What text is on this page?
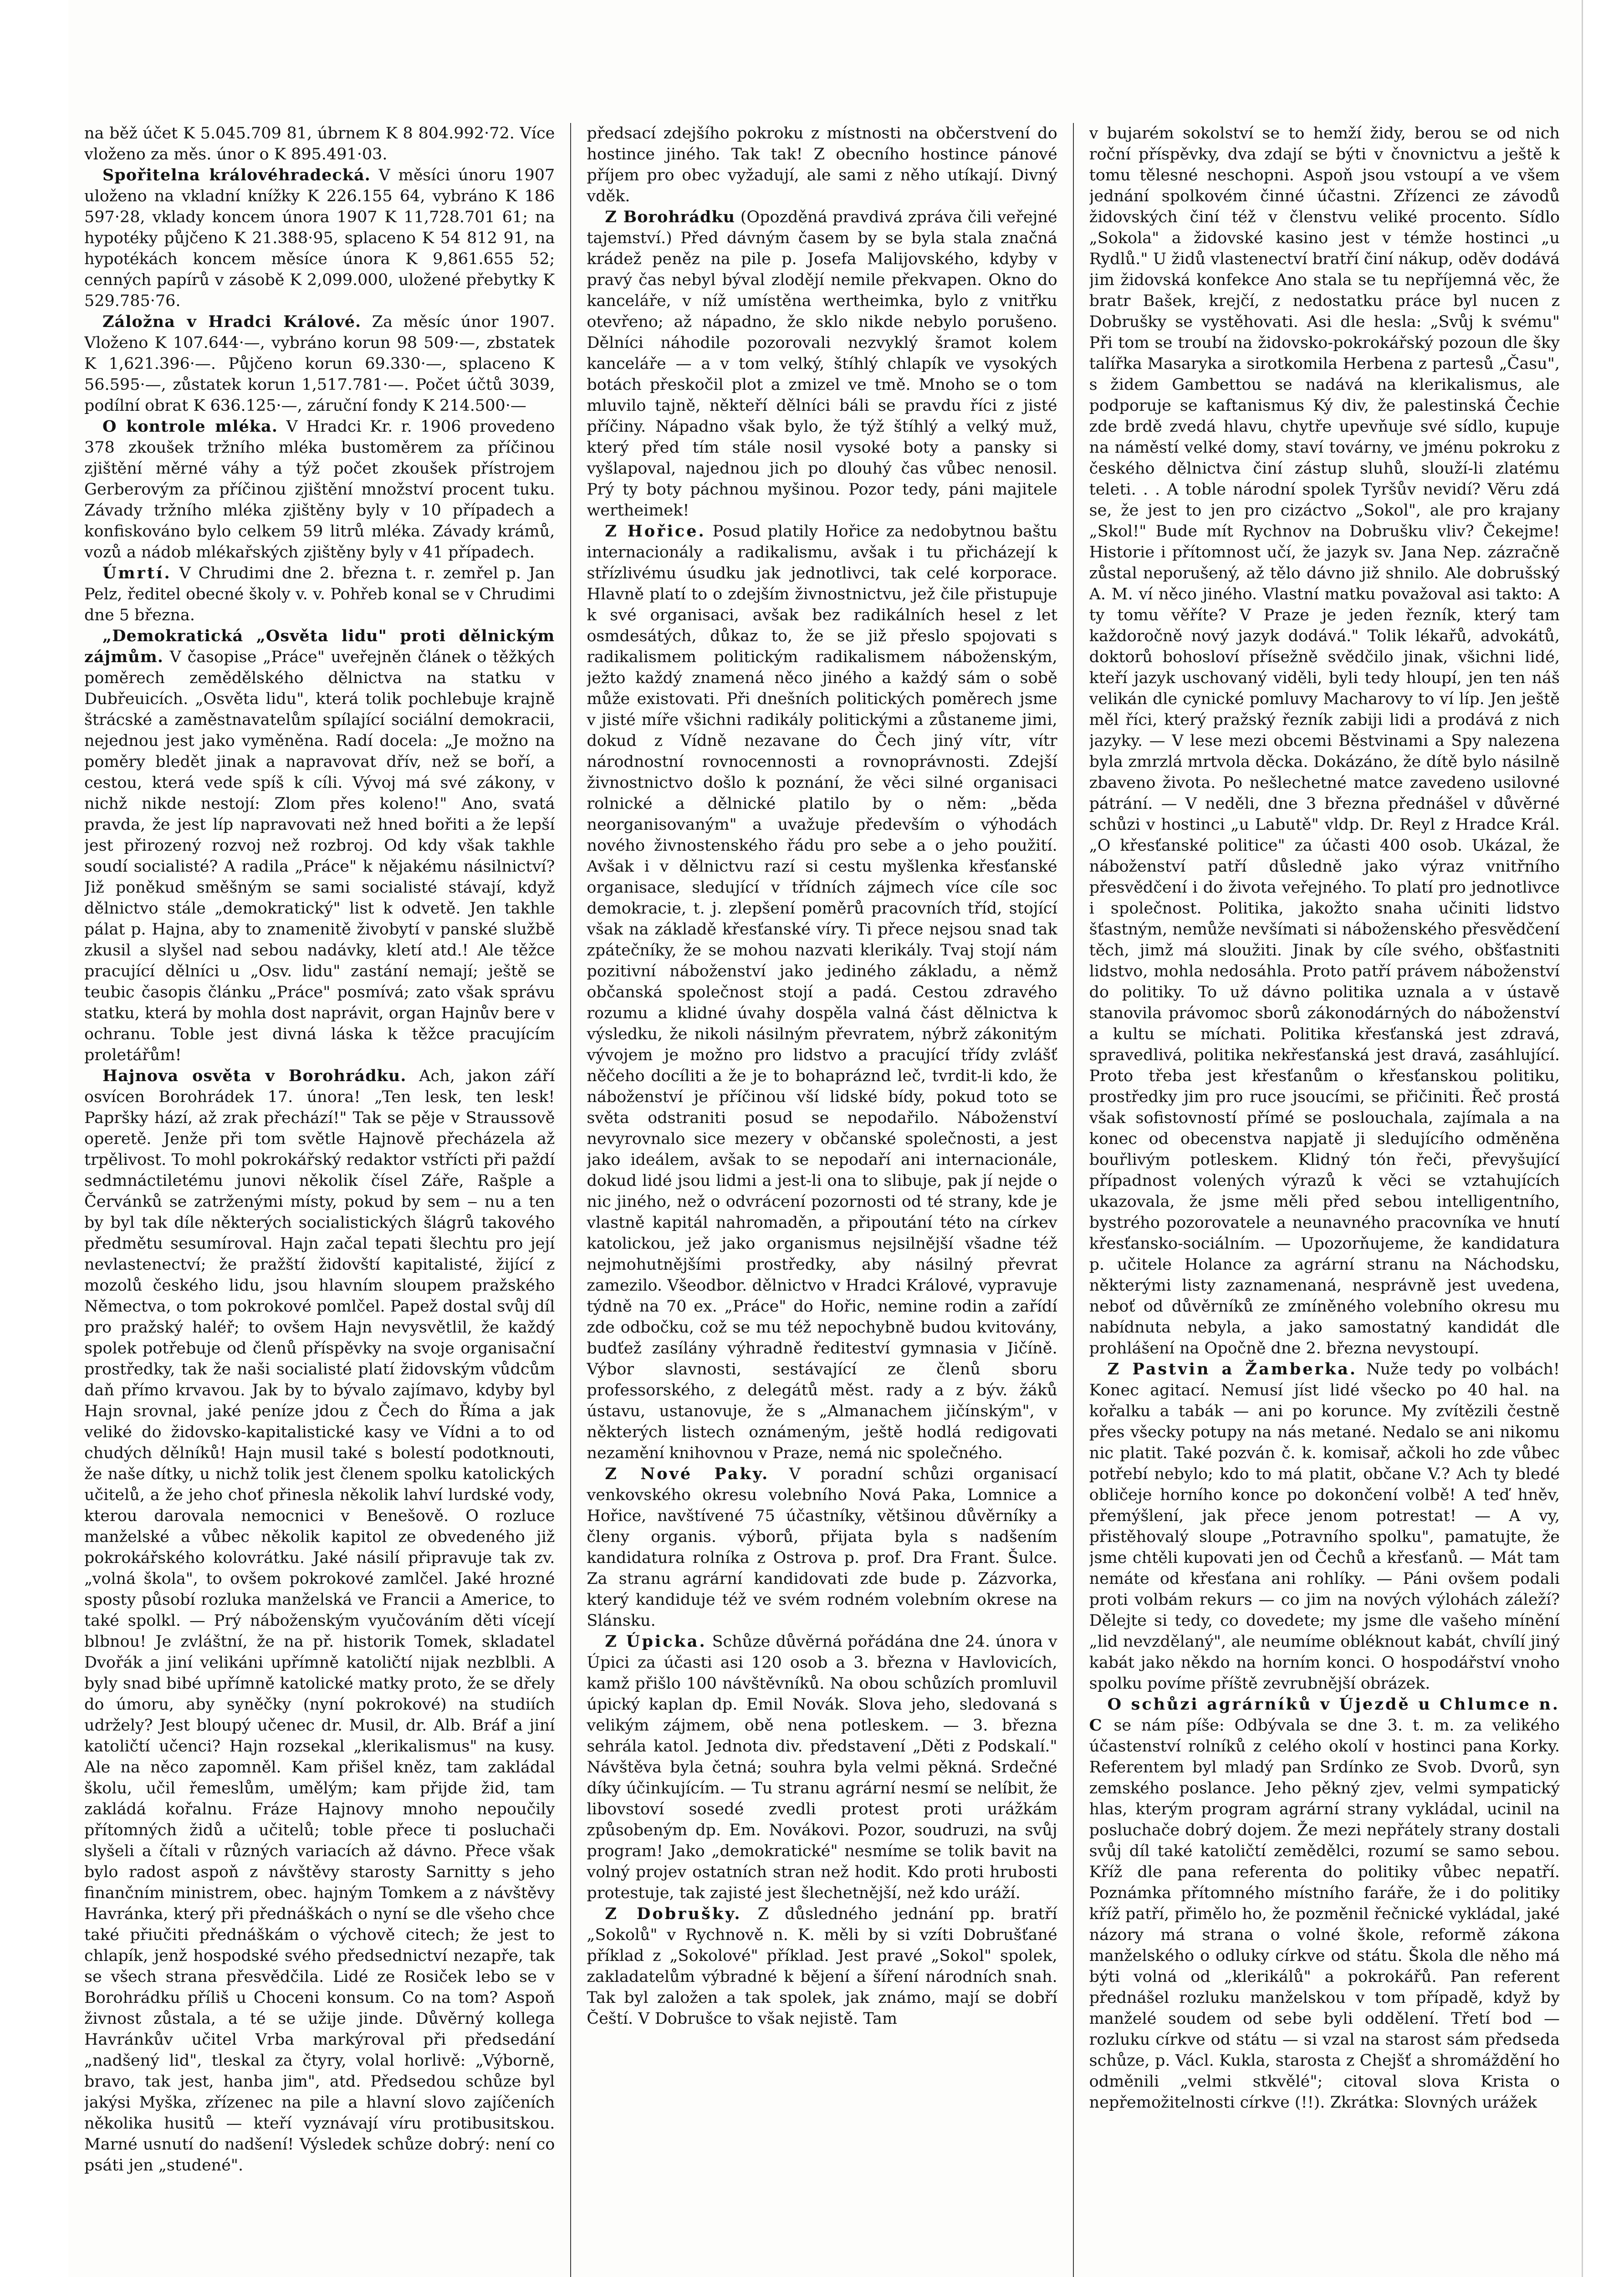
na běž účet K 5.045.709 81, úbrnem K 8 804.992·72. Více vloženo za měs. únor o K 895.491·03.

Spořitelna královéhradecká. V měsíci únoru 1907 uloženo na vkladní knížky K 226.155 64, vybráno K 186 597·28, vklady koncem února 1907 K 11,728.701 61; na hypotéky půjčeno K 21.388·95, splaceno K 54 812 91, na hypotékách koncem měsíce února K 9,861.655 52; cenných papírů v zásobě K 2,099.000, uložené přebytky K 529.785·76.

Záložna v Hradci Králové. Za měsíc únor 1907. Vloženo K 107.644·—, vybráno korun 98 509·—, zbstatek K 1,621.396·—. Půjčeno korun 69.330·—, splaceno K 56.595·—, zůstatek korun 1,517.781·—. Počet účtů 3039, podílní obrat K 636.125·—, záruční fondy K 214.500·—

O kontrole mléka. V Hradci Kr. r. 1906 provedeno 378 zkoušek tržního mléka bustoměrem za příčinou zjištění měrné váhy a týž počet zkoušek přístrojem Gerberovým za příčinou zjištění množství procent tuku. Závady tržního mléka zjištěny byly v 10 případech a konfiskováno bylo celkem 59 litrů mléka. Závady krámů, vozů a nádob mlékařských zjištěny byly v 41 případech.

Úmrtí. V Chrudimi dne 2. března t. r. zemřel p. Jan Pelz, ředitel obecné školy v. v. Pohřeb konal se v Chrudimi dne 5 března.

„Demokratická „Osvěta lidu" proti dělnickým zájmům. V časopise „Práce" uveřejněn článek o těžkých poměrech zemědělského dělnictva na statku v Dubřeuicích. „Osvěta lidu", která tolik pochlebuje krajně štrácské a zaměstnavatelům spílající sociální demokracii, nejednou jest jako vyměněna. Radí docela: „Je možno na poměry bledět jinak a napravovat dřív, než se boří, a cestou, která vede spíš k cíli. Vývoj má své zákony, v nichž nikde nestojí: Zlom přes koleno!" Ano, svatá pravda, že jest líp napravovati než hned bořiti a že lepší jest přirozený rozvoj než rozbroj. Od kdy však takhle soudí socialisté? A radila „Práce" k nějakému násilnictví? Již poněkud směšným se sami socialisté stávají, když dělnictvo stále „demokratický" list k odvetě. Jen takhle pálat p. Hajna, aby to znamenitě živobytí v panské službě zkusil a slyšel nad sebou nadávky, kletí atd.! Ale těžce pracující dělníci u „Osv. lidu" zastání nemají; ještě se teubic časopis článku „Práce" posmívá; zato však správu statku, která by mohla dost naprávit, organ Hajnův bere v ochranu. Toble jest divná láska k těžce pracujícím proletářům!

Hajnova osvěta v Borohrádku. Ach, jakon září osvícen Borohrádek 17. února! „Ten lesk, ten lesk! Papršky hází, až zrak přechází!" Tak se pěje v Straussově operetě. Jenže při tom světle Hajnově přecházela až trpělivost. To mohl pokrokářský redaktor vstřícti při paždí sedmnáctiletému junovi několik čísel Záře, Rašple a Červánků se zatrženými místy, pokud by sem ‒ nu a ten by byl tak díle některých socialistických šlágrů takového předmětu sesumíroval. Hajn začal tepati šlechtu pro její nevlastenectví; že pražští židovští kapitalisté, žijící z mozolů českého lidu, jsou hlavním sloupem pražského Němectva, o tom pokrokové pomlčel. Papež dostal svůj díl pro pražský haléř; to ovšem Hajn nevysvětlil, že každý spolek potřebuje od členů příspěvky na svoje organisační prostředky, tak že naši socialisté platí židovským vůdcům daň přímo krvavou. Jak by to bývalo zajímavo, kdyby byl Hajn srovnal, jaké peníze jdou z Čech do Říma a jak veliké do židovsko-kapitalistické kasy ve Vídni a to od chudých dělníků! Hajn musil také s bolestí podotknouti, že naše dítky, u nichž tolik jest členem spolku katolických učitelů, a že jeho choť přinesla několik lahví lurdské vody, kterou darovala nemocnici v Benešově. O rozluce manželské a vůbec několik kapitol ze obvedeného již pokrokářského kolovrátku. Jaké násilí připravuje tak zv. „volná škola", to ovšem pokrokové zamlčel. Jaké hrozné sposty působí rozluka manželská ve Francii a Americe, to také spolkl. — Prý náboženským vyučováním děti vícejí blbnou! Je zvláštní, že na př. historik Tomek, skladatel Dvořák a jiní velikáni upřímně katoličtí nijak nezblbli. A byly snad bibé upřímně katolické matky proto, že se dřely do úmoru, aby syněčky (nyní pokrokové) na studiích udržely? Jest bloupý učenec dr. Musil, dr. Alb. Bráf a jiní katoličtí učenci? Hajn rozsekal „klerikalismus" na kusy. Ale na něco zapomněl. Kam přišel kněz, tam zakládal školu, učil řemeslům, umělým; kam přijde žid, tam zakládá kořalnu. Fráze Hajnovy mnoho nepoučily přítomných židů a učitelů; toble přece ti posluchači slyšeli a čítali v různých variacích až dávno. Přece však bylo radost aspoň z návštěvy starosty Sarnitty s jeho finančním ministrem, obec. hajným Tomkem a z návštěvy Havránka, který při přednáškách o nyní se dle všeho chce také přiučiti přednáškám o výchově citech; že jest to chlapík, jenž hospodské svého předsednictví nezapře, tak se všech strana přesvědčila. Lidé ze Rosiček lebo se v Borohrádku příliš u Choceni konsum. Co na tom? Aspoň živnost zůstala, a té se užije jinde. Důvěrný kollega Havránkův učitel Vrba markýroval při předsedání „nadšený lid", tleskal za čtyry, volal horlivě: „Výborně, bravo, tak jest, hanba jim", atd. Předsedou schůze byl jakýsi Myška, zřízenec na pile a hlavní slovo zajíčeních několika husitů — kteří vyznávají víru protibusitskou. Marné usnutí do nadšení! Výsledek schůze dobrý: není co psáti jen „studené".

předsací zdejšího pokroku z místnosti na občerstvení do hostince jiného. Tak tak! Z obecního hostince pánové příjem pro obec vyžadují, ale sami z něho utíkají. Divný vděk.

Z Borohrádku (Opozděná pravdivá zpráva čili veřejné tajemství.) Před dávným časem by se byla stala značná krádež peněz na pile p. Josefa Malijovského, kdyby v pravý čas nebyl býval zlodějí nemile překvapen. Okno do kanceláře, v níž umístěna wertheimka, bylo z vnitřku otevřeno; až nápadno, že sklo nikde nebylo porušeno. Dělníci náhodile pozorovali nezvyklý šramot kolem kanceláře — a v tom velký, štíhlý chlapík ve vysokých botách přeskočil plot a zmizel ve tmě. Mnoho se o tom mluvilo tajně, někteří dělníci báli se pravdu říci z jisté příčiny. Nápadno však bylo, že týž štíhlý a velký muž, který před tím stále nosil vysoké boty a pansky si vyšlapoval, najednou jich po dlouhý čas vůbec nenosil. Prý ty boty páchnou myšinou. Pozor tedy, páni majitele wertheimek!

Z Hořice. Posud platily Hořice za nedobytnou baštu internacionály a radikalismu, avšak i tu přicházejí k střízlivému úsudku jak jednotlivci, tak celé korporace. Hlavně platí to o zdejším živnostnictvu, jež čile přistupuje k své organisaci, avšak bez radikálních hesel z let osmdesátých, důkaz to, že se již přeslo spojovati s radikalismem politickým radikalismem náboženským, ježto každý znamená něco jiného a každý sám o sobě může existovati. Při dnešních politických poměrech jsme v jisté míře všichni radikály politickými a zůstaneme jimi, dokud z Vídně nezavane do Čech jiný vítr, vítr národnostní rovnocennosti a rovnoprávnosti. Zdejší živnostnictvo došlo k poznání, že věci silné organisaci rolnické a dělnické platilo by o něm: „běda neorganisovaným" a uvažuje především o výhodách nového živnostenského řádu pro sebe a o jeho použití. Avšak i v dělnictvu razí si cestu myšlenka křesťanské organisace, sledující v třídních zájmech více cíle soc demokracie, t. j. zlepšení poměrů pracovních tříd, stojící však na základě křesťanské víry. Ti přece nejsou snad tak zpátečníky, že se mohou nazvati klerikály. Tvaj stojí nám pozitivní náboženství jako jediného základu, a němž občanská společnost stojí a padá. Cestou zdravého rozumu a klidné úvahy dospěla valná část dělnictva k výsledku, že nikoli násilným převratem, nýbrž zákonitým vývojem je možno pro lidstvo a pracující třídy zvlášť něčeho docíliti a že je to bohapráznd leč, tvrdit-li kdo, že náboženství je příčinou vší lidské bídy, pokud toto se světa odstraniti posud se nepodařilo. Náboženství nevyrovnalo sice mezery v občanské společnosti, a jest jako ideálem, avšak to se nepodaří ani internacionále, dokud lidé jsou lidmi a jest-li ona to slibuje, pak jí nejde o nic jiného, než o odvrácení pozornosti od té strany, kde je vlastně kapitál nahromaděn, a připoutání této na církev katolickou, jež jako organismus nejsilnější všadne též nejmohutnějšími prostředky, aby násilný převrat zamezilo. Všeodbor. dělnictvo v Hradci Králové, vypravuje týdně na 70 ex. „Práce" do Hořic, nemine rodin a zařídí zde odbočku, což se mu též nepochybně budou kvitovány, budťež zasílány výhradně řediteství gymnasia v Jičíně. Výbor slavnosti, sestávající ze členů sboru professorského, z delegátů měst. rady a z býv. žáků ústavu, ustanovuje, že s „Almanachem jičínským", v některých listech oznámeným, ještě hodlá redigovati nezamění knihovnou v Praze, nemá nic společného.

Z Nové Paky. V poradní schůzi organisací venkovského okresu volebního Nová Paka, Lomnice a Hořice, navštívené 75 účastníky, většinou důvěrníky a členy organis. výborů, přijata byla s nadšením kandidatura rolníka z Ostrova p. prof. Dra Frant. Šulce. Za stranu agrární kandidovati zde bude p. Zázvorka, který kandiduje též ve svém rodném volebním okrese na Slánsku.

Z Úpicka. Schůze důvěrná pořádána dne 24. února v Úpici za účasti asi 120 osob a 3. března v Havlovicích, kamž přišlo 100 návštěvníků. Na obou schůzích promluvil úpický kaplan dp. Emil Novák. Slova jeho, sledovaná s velikým zájmem, obě nena potleskem. — 3. března sehrála katol. Jednota div. představení „Děti z Podskalí." Návštěva byla četná; souhra byla velmi pěkná. Srdečné díky účinkujícím. — Tu stranu agrární nesmí se nelíbit, že libovstoví sosedé zvedli protest proti urážkám způsobeným dp. Em. Novákovi. Pozor, soudruzi, na svůj program! Jako „demokratické" nesmíme se tolik bavit na volný projev ostatních stran než hodit. Kdo proti hrubosti protestuje, tak zajisté jest šlechetnější, než kdo uráží.

Z Dobrušky. Z důsledného jednání pp. bratří „Sokolů" v Rychnově n. K. měli by si vzíti Dobrušťané příklad z „Sokolové" příklad. Jest pravé „Sokol" spolek, zakladatelům výbradné k bějení a šíření národních snah. Tak byl založen a tak spolek, jak známo, mají se dobří Čeští. V Dobrušce to však nejistě. Tam

v bujarém sokolství se to hemží židy, berou se od nich roční příspěvky, dva zdají se býti v čnovnictvu a ještě k tomu tělesné neschopni. Aspoň jsou vstoupí a ve všem jednání spolkovém činné účastni. Zřízenci ze závodů židovských činí též v členstvu veliké procento. Sídlo „Sokola" a židovské kasino jest v témže hostinci „u Rydlů." U židů vlastenectví bratří činí nákup, oděv dodává jim židovská konfekce Ano stala se tu nepříjemná věc, že bratr Bašek, krejčí, z nedostatku práce byl nucen z Dobrušky se vystěhovati. Asi dle hesla: „Svůj k svému" Při tom se troubí na židovsko-pokrokářský pozoun dle šky talířka Masaryka a sirotkomila Herbena z partesů „Času", s židem Gambettou se nadává na klerikalismus, ale podporuje se kaftanismus Ký div, že palestinská Čechie zde brdě zvedá hlavu, chytře upevňuje své sídlo, kupuje na náměstí velké domy, staví továrny, ve jménu pokroku z českého dělnictva činí zástup sluhů, slouží-li zlatému teleti. . . A toble národní spolek Tyršův nevidí? Věru zdá se, že jest to jen pro cizáctvo „Sokol", ale pro krajany „Skol!" Bude mít Rychnov na Dobrušku vliv? Čekejme! Historie i přítomnost učí, že jazyk sv. Jana Nep. zázračně zůstal neporušený, až tělo dávno již shnilo. Ale dobrušský A. M. ví něco jiného. Vlastní matku považoval asi takto: A ty tomu věříte? V Praze je jeden řezník, který tam každoročně nový jazyk dodává." Tolik lékařů, advokátů, doktorů bohosloví přísežně svědčilo jinak, všichni lidé, kteří jazyk uschovaný viděli, byli tedy hloupí, jen ten náš velikán dle cynické pomluvy Macharovy to ví líp. Jen ještě měl říci, který pražský řezník zabiji lidi a prodává z nich jazyky. — V lese mezi obcemi Běstvinami a Spy nalezena byla zmrzlá mrtvola děcka. Dokázáno, že dítě bylo násilně zbaveno života. Po nešlechetné matce zavedeno usilovné pátrání. — V neděli, dne 3 března přednášel v důvěrné schůzi v hostinci „u Labutě" vldp. Dr. Reyl z Hradce Král. „O křesťanské politice" za účasti 400 osob. Ukázal, že náboženství patří důsledně jako výraz vnitřního přesvědčení i do života veřejného. To platí pro jednotlivce i společnost. Politika, jakožto snaha učiniti lidstvo šťastným, nemůže nevšímati si náboženského přesvědčení těch, jimž má sloužiti. Jinak by cíle svého, obšťastniti lidstvo, mohla nedosáhla. Proto patří právem náboženství do politiky. To už dávno politika uznala a v ústavě stanovila právomoc sborů zákonodárných do náboženství a kultu se míchati. Politika křesťanská jest zdravá, spravedlivá, politika nekřesťanská jest dravá, zasáhlující. Proto třeba jest křesťanům o křesťanskou politiku, prostředky jim pro ruce jsoucími, se přičiniti. Řeč prostá však sofistovností přímé se poslouchala, zajímala a na konec od obecenstva napjatě ji sledujícího odměněna bouřlivým potleskem. Klidný tón řeči, převyšující případnost volených výrazů k věci se vztahujících ukazovala, že jsme měli před sebou intelligentního, bystrého pozorovatele a neunavného pracovníka ve hnutí křesťansko-sociálním. — Upozorňujeme, že kandidatura p. učitele Holance za agrární stranu na Náchodsku, některými listy zaznamenaná, nesprávně jest uvedena, neboť od důvěrníků ze zmíněného volebního okresu mu nabídnuta nebyla, a jako samostatný kandidát dle prohlášení na Opočně dne 2. března nevystoupí.

Z Pastvin a Žamberka. Nuže tedy po volbách! Konec agitací. Nemusí jíst lidé všecko po 40 hal. na kořalku a tabák — ani po korunce. My zvítězili čestně přes všecky potupy na nás metané. Nedalo se ani nikomu nic platit. Také pozván č. k. komisař, ačkoli ho zde vůbec potřebí nebylo; kdo to má platit, občane V.? Ach ty bledé obličeje horního konce po dokončení volbě! A teď hněv, přemýšlení, jak přece jenom potrestat! — A vy, přistěhovalý sloupe „Potravního spolku", pamatujte, že jsme chtěli kupovati jen od Čechů a křesťanů. — Mát tam nemáte od křesťana ani rohlíky. — Páni ovšem podali proti volbám rekurs — co jim na nových výlohách záleží? Dělejte si tedy, co dovedete; my jsme dle vašeho mínění „lid nevzdělaný", ale neumíme obléknout kabát, chvílí jiný kabát jako někdo na horním konci. O hospodářství vnoho spolku povíme příště zevrubnější obrázek.

O schůzi agrárníků v Újezdě u Chlumce n. C se nám píše: Odbývala se dne 3. t. m. za velikého účastenství rolníků z celého okolí v hostinci pana Korky. Referentem byl mladý pan Srdínko ze Svob. Dvorů, syn zemského poslance. Jeho pěkný zjev, velmi sympatický hlas, kterým program agrární strany vykládal, ucinil na posluchače dobrý dojem. Že mezi nepřátely strany dostali svůj díl také katoličtí zemědělci, rozumí se samo sebou. Kříž dle pana referenta do politiky vůbec nepatří. Poznámka přítomného místního faráře, že i do politiky kříž patří, přimělo ho, že pozměnil řečnické vykládal, jaké názory má strana o volné škole, reformě zákona manželského o odluky církve od státu. Škola dle něho má býti volná od „klerikálů" a pokrokářů. Pan referent přednášel rozluku manželskou v tom případě, když by manželé soudem od sebe byli oddělení. Třetí bod — rozluku církve od státu — si vzal na starost sám předseda schůze, p. Václ. Kukla, starosta z Chejšť a shromáždění ho odměnili „velmi stkvělé"; citoval slova Krista o nepřemožitelnosti církve (!!). Zkrátka: Slovných urážek
